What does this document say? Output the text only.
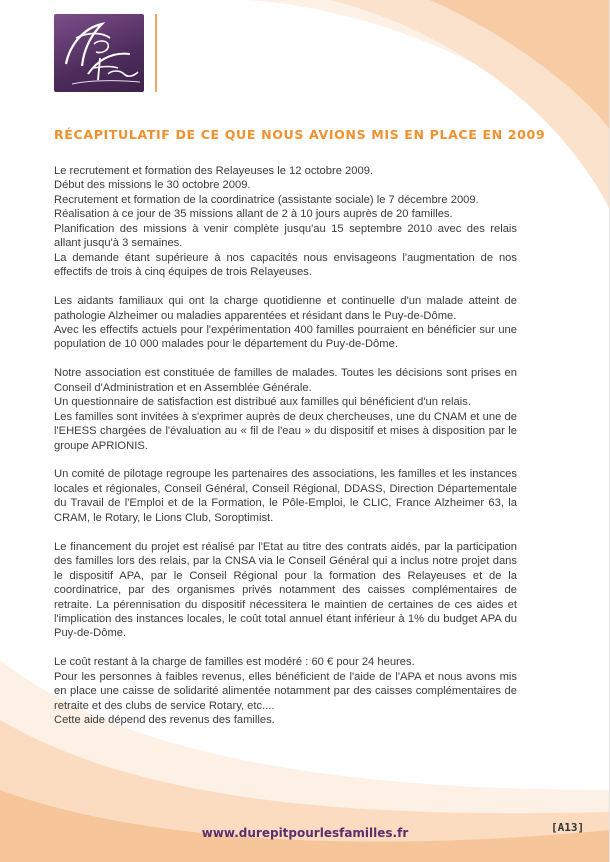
RÉCAPITULATIF DE CE QUE NOUS AVIONS MIS EN PLACE EN 2009

Le recrutement et formation des Relayeuses le 12 octobre 2009.
Début des missions le 30 octobre 2009.
Recrutement et formation de la coordinatrice (assistante sociale) le 7 décembre 2009.
Réalisation à ce jour de 35 missions allant de 2 à 10 jours auprès de 20 familles.
Planification des missions à venir complète jusqu'au 15 septembre 2010 avec des relais allant jusqu'à 3 semaines.
La demande étant supérieure à nos capacités nous envisageons l'augmentation de nos effectifs de trois à cinq équipes de trois Relayeuses.

Les aidants familiaux qui ont la charge quotidienne et continuelle d'un malade atteint de pathologie Alzheimer ou maladies apparentées et résidant dans le Puy-de-Dôme.
Avec les effectifs actuels pour l'expérimentation 400 familles pourraient en bénéficier sur une population de 10 000 malades pour le département du Puy-de-Dôme.

Notre association est constituée de familles de malades. Toutes les décisions sont prises en Conseil d'Administration et en Assemblée Générale.
Un questionnaire de satisfaction est distribué aux familles qui bénéficient d'un relais.
Les familles sont invitées à s'exprimer auprès de deux chercheuses, une du CNAM et une de l'EHESS chargées de l'évaluation au « fil de l'eau » du dispositif et mises à disposition par le groupe APRIONIS.

Un comité de pilotage regroupe les partenaires des associations, les familles et les instances locales et régionales, Conseil Général, Conseil Régional, DDASS, Direction Départementale du Travail de l'Emploi et de la Formation, le Pôle-Emploi, le CLIC, France Alzheimer 63, la CRAM, le Rotary, le Lions Club, Soroptimist.

Le financement du projet est réalisé par l'Etat au titre des contrats aidés, par la participation des familles lors des relais, par la CNSA via le Conseil Général qui a inclus notre projet dans le dispositif APA, par le Conseil Régional pour la formation des Relayeuses et de la coordinatrice, par des organismes privés notamment des caisses complémentaires de retraite. La pérennisation du dispositif nécessitera le maintien de certaines de ces aides et l'implication des instances locales, le coût total annuel étant inférieur à 1% du budget APA du Puy-de-Dôme.

Le coût restant à la charge de familles est modéré : 60 € pour 24 heures.
Pour les personnes à faibles revenus, elles bénéficient de l'aide de l'APA et nous avons mis en place une caisse de solidarité alimentée notamment par des caisses complémentaires de retraite et des clubs de service Rotary, etc....
Cette aide dépend des revenus des familles.

www.durepitpourlesfamilles.fr	[A13]
